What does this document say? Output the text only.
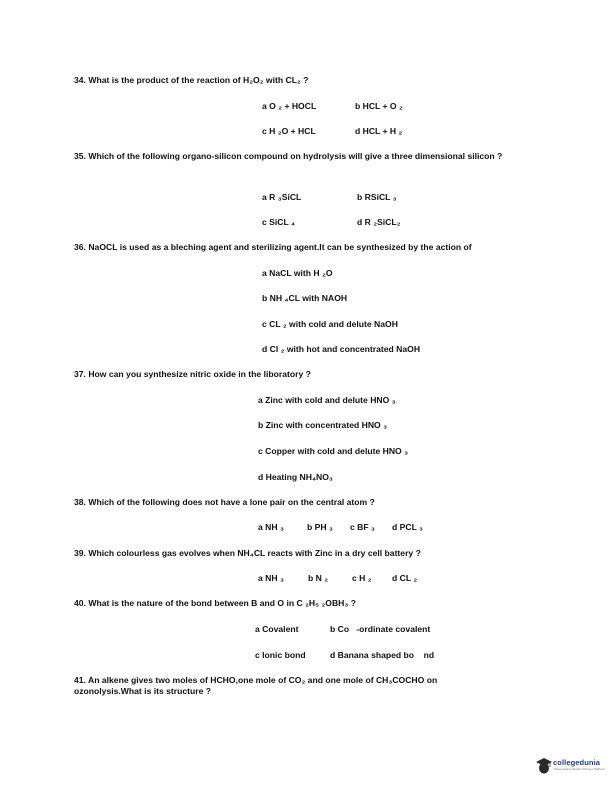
34. What is the product of the reaction of H₂O₂ with CL₂ ?
a O ₂ + HOCL	b HCL + O ₂
c H ₂O + HCL	d HCL + H ₂
35. Which of the following organo-silicon compound on hydrolysis will give a three dimensional silicon ?
a R ₃SiCL	b RSiCL ₃
c SiCL ₄	d R ₂SiCL₂
36. NaOCL is used as a bleching agent and sterilizing agent.It can be synthesized by the action of
a NaCL with H ₂O
b NH ₄CL with NAOH
c CL ₂ with cold and delute NaOH
d Cl ₂ with hot and concentrated NaOH
37. How can you synthesize nitric oxide in the liboratory ?
a Zinc with cold and delute HNO ₃
b Zinc with concentrated HNO ₃
c Copper with cold and delute HNO ₃
d Heating NH₄NO₃
38. Which of the following does not have a lone pair on the central atom ?
a NH ₃	b PH ₃ c BF ₃ d PCL ₃
39. Which colourless gas evolves when NH₄CL reacts with Zinc in a dry cell battery ?
a NH ₃	b N ₂	c H ₂ d CL ₂
40. What is the nature of the bond between B and O in C ₂H₅ ₂OBH₃ ?
a Covalent	b Co   -ordinate covalent
c Ionic bond	d Banana shaped bo    nd
41. An alkene gives two moles of HCHO,one mole of CO₂ and one mole of CH₃COCHO on ozonolysis.What is its structure ?
collegedunia
India's largest Student Review Platform
